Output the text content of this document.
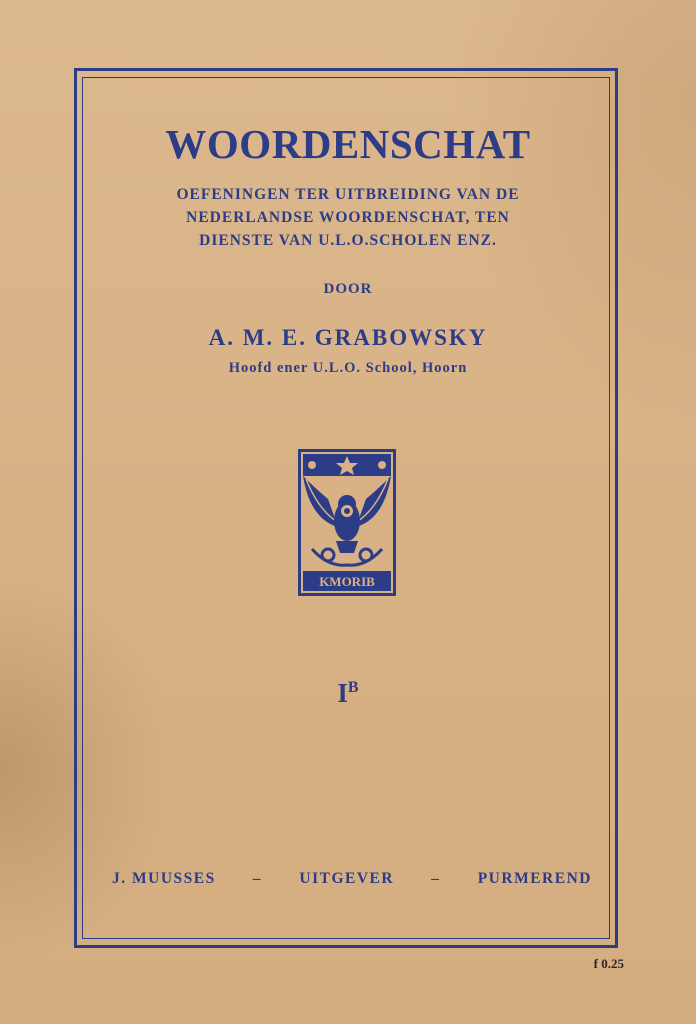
WOORDENSCHAT
OEFENINGEN TER UITBREIDING VAN DE
NEDERLANDSE WOORDENSCHAT, TEN
DIENSTE VAN U.L.O.SCHOLEN ENZ.
DOOR
A. M. E. GRABOWSKY
Hoofd ener U.L.O. School, Hoorn
KMORIB
$I^B$
J. MUUSSES – UITGEVER – PURMEREND
f 0.25
